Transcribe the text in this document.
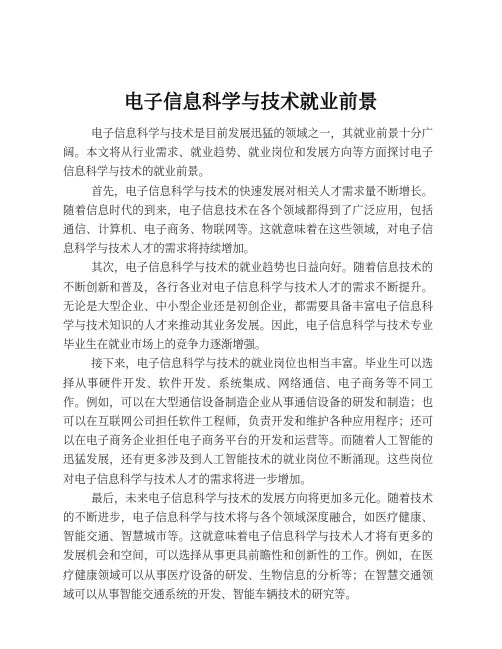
电子信息科学与技术就业前景

电子信息科学与技术是目前发展迅猛的领域之一，其就业前景十分广阔。本文将从行业需求、就业趋势、就业岗位和发展方向等方面探讨电子信息科学与技术的就业前景。

首先，电子信息科学与技术的快速发展对相关人才需求量不断增长。随着信息时代的到来，电子信息技术在各个领域都得到了广泛应用，包括通信、计算机、电子商务、物联网等。这就意味着在这些领域，对电子信息科学与技术人才的需求将持续增加。

其次，电子信息科学与技术的就业趋势也日益向好。随着信息技术的不断创新和普及，各行各业对电子信息科学与技术人才的需求不断提升。无论是大型企业、中小型企业还是初创企业，都需要具备丰富电子信息科学与技术知识的人才来推动其业务发展。因此，电子信息科学与技术专业毕业生在就业市场上的竞争力逐渐增强。

接下来，电子信息科学与技术的就业岗位也相当丰富。毕业生可以选择从事硬件开发、软件开发、系统集成、网络通信、电子商务等不同工作。例如，可以在大型通信设备制造企业从事通信设备的研发和制造；也可以在互联网公司担任软件工程师，负责开发和维护各种应用程序；还可以在电子商务企业担任电子商务平台的开发和运营等。而随着人工智能的迅猛发展，还有更多涉及到人工智能技术的就业岗位不断涌现。这些岗位对电子信息科学与技术人才的需求将进一步增加。

最后，未来电子信息科学与技术的发展方向将更加多元化。随着技术的不断进步，电子信息科学与技术将与各个领域深度融合，如医疗健康、智能交通、智慧城市等。这就意味着电子信息科学与技术人才将有更多的发展机会和空间，可以选择从事更具前瞻性和创新性的工作。例如，在医疗健康领域可以从事医疗设备的研发、生物信息的分析等；在智慧交通领域可以从事智能交通系统的开发、智能车辆技术的研究等。
